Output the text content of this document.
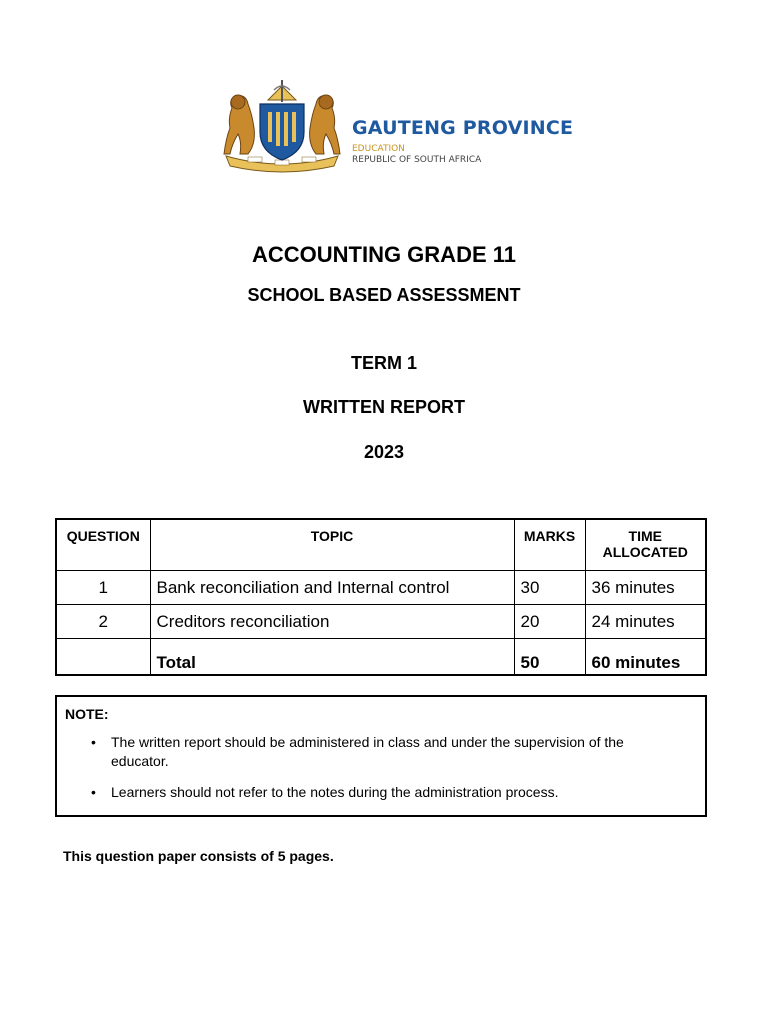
GAUTENG PROVINCE
EDUCATION
REPUBLIC OF SOUTH AFRICA
ACCOUNTING GRADE 11
SCHOOL BASED ASSESSMENT
TERM 1
WRITTEN REPORT
2023
QUESTION	TOPIC	MARKS	TIME ALLOCATED
1	Bank reconciliation and Internal control	30	36 minutes
2	Creditors reconciliation	20	24 minutes
	Total	50	60 minutes
NOTE:
• The written report should be administered in class and under the supervision of the educator.
• Learners should not refer to the notes during the administration process.
This question paper consists of 5 pages.
